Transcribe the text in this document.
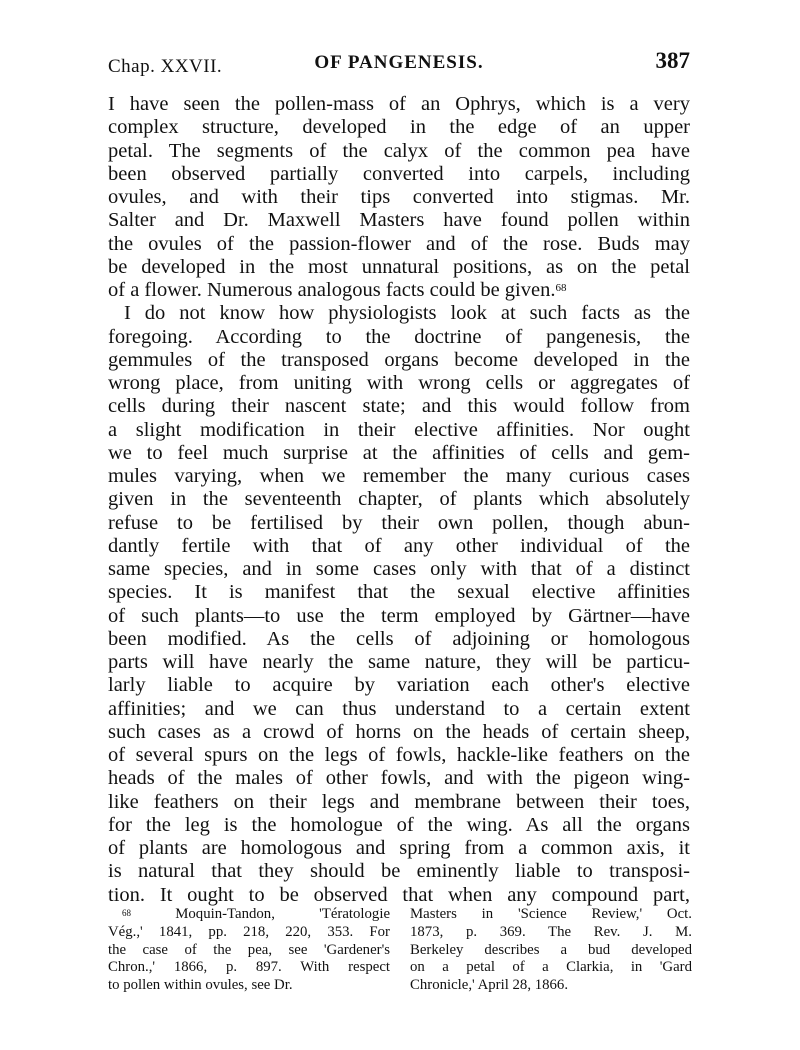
Chap. XXVII.	OF PANGENESIS.	387
I have seen the pollen-mass of an Ophrys, which is a very
complex structure, developed in the edge of an upper
petal. The segments of the calyx of the common pea have
been observed partially converted into carpels, including
ovules, and with their tips converted into stigmas. Mr.
Salter and Dr. Maxwell Masters have found pollen within
the ovules of the passion-flower and of the rose. Buds may
be developed in the most unnatural positions, as on the petal
of a flower. Numerous analogous facts could be given.$^{68}$
I do not know how physiologists look at such facts as the
foregoing. According to the doctrine of pangenesis, the
gemmules of the transposed organs become developed in the
wrong place, from uniting with wrong cells or aggregates of
cells during their nascent state; and this would follow from
a slight modification in their elective affinities. Nor ought
we to feel much surprise at the affinities of cells and gem-
mules varying, when we remember the many curious cases
given in the seventeenth chapter, of plants which absolutely
refuse to be fertilised by their own pollen, though abun-
dantly fertile with that of any other individual of the
same species, and in some cases only with that of a distinct
species. It is manifest that the sexual elective affinities
of such plants—to use the term employed by Gärtner—have
been modified. As the cells of adjoining or homologous
parts will have nearly the same nature, they will be particu-
larly liable to acquire by variation each other's elective
affinities; and we can thus understand to a certain extent
such cases as a crowd of horns on the heads of certain sheep,
of several spurs on the legs of fowls, hackle-like feathers on the
heads of the males of other fowls, and with the pigeon wing-
like feathers on their legs and membrane between their toes,
for the leg is the homologue of the wing. As all the organs
of plants are homologous and spring from a common axis, it
is natural that they should be eminently liable to transposi-
tion. It ought to be observed that when any compound part,
$^{68}$	Moquin-Tandon, 'Tératologie
Vég.,' 1841, pp. 218, 220, 353. For
the case of the pea, see 'Gardener's
Chron.,' 1866, p. 897. With respect
to pollen within ovules, see Dr.
Masters in 'Science Review,' Oct.
1873, p. 369. The Rev. J. M.
Berkeley describes a bud developed
on a petal of a Clarkia, in 'Gard
Chronicle,' April 28, 1866.
